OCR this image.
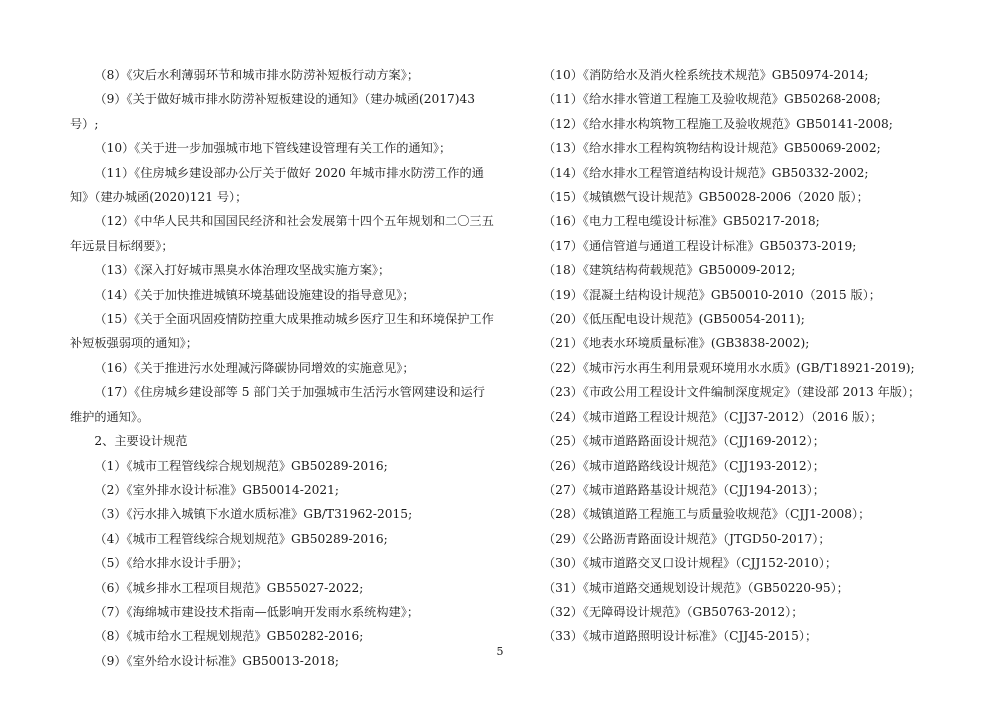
（8）《灾后水利薄弱环节和城市排水防涝补短板行动方案》；

（9）《关于做好城市排水防涝补短板建设的通知》（建办城函(2017)43 号）;

（10）《关于进一步加强城市地下管线建设管理有关工作的通知》；

（11）《住房城乡建设部办公厅关于做好 2020 年城市排水防涝工作的通知》（建办城函(2020)121 号）；

（12）《中华人民共和国国民经济和社会发展第十四个五年规划和二〇三五年远景目标纲要》；

（13）《深入打好城市黑臭水体治理攻坚战实施方案》；

（14）《关于加快推进城镇环境基础设施建设的指导意见》；

（15）《关于全面巩固疫情防控重大成果推动城乡医疗卫生和环境保护工作补短板强弱项的通知》；

（16）《关于推进污水处理减污降碳协同增效的实施意见》；

（17）《住房城乡建设部等 5 部门关于加强城市生活污水管网建设和运行维护的通知》。

2、主要设计规范

（1）《城市工程管线综合规划规范》GB50289-2016;

（2）《室外排水设计标准》GB50014-2021;

（3）《污水排入城镇下水道水质标准》GB/T31962-2015;

（4）《城市工程管线综合规划规范》GB50289-2016;

（5）《给水排水设计手册》；

（6）《城乡排水工程项目规范》GB55027-2022;

（7）《海绵城市建设技术指南—低影响开发雨水系统构建》；

（8）《城市给水工程规划规范》GB50282-2016;

（9）《室外给水设计标准》GB50013-2018;

（10）《消防给水及消火栓系统技术规范》GB50974-2014;

（11）《给水排水管道工程施工及验收规范》GB50268-2008;

（12）《给水排水构筑物工程施工及验收规范》GB50141-2008;

（13）《给水排水工程构筑物结构设计规范》GB50069-2002;

（14）《给水排水工程管道结构设计规范》GB50332-2002;

（15）《城镇燃气设计规范》GB50028-2006（2020 版）；

（16）《电力工程电缆设计标准》GB50217-2018;

（17）《通信管道与通道工程设计标准》GB50373-2019;

（18）《建筑结构荷载规范》GB50009-2012;

（19）《混凝土结构设计规范》GB50010-2010（2015 版）；

（20）《低压配电设计规范》(GB50054-2011);

（21）《地表水环境质量标准》(GB3838-2002);

（22）《城市污水再生利用景观环境用水水质》(GB/T18921-2019);

（23）《市政公用工程设计文件编制深度规定》（建设部 2013 年版）；

（24）《城市道路工程设计规范》（CJJ37-2012）（2016 版）；

（25）《城市道路路面设计规范》（CJJ169-2012）；

（26）《城市道路路线设计规范》（CJJ193-2012）；

（27）《城市道路路基设计规范》（CJJ194-2013）；

（28）《城镇道路工程施工与质量验收规范》（CJJ1-2008）；

（29）《公路沥青路面设计规范》（JTGD50-2017）；

（30）《城市道路交叉口设计规程》（CJJ152-2010）；

（31）《城市道路交通规划设计规范》（GB50220-95）；

（32）《无障碍设计规范》（GB50763-2012）；

（33）《城市道路照明设计标准》（CJJ45-2015）；

5
